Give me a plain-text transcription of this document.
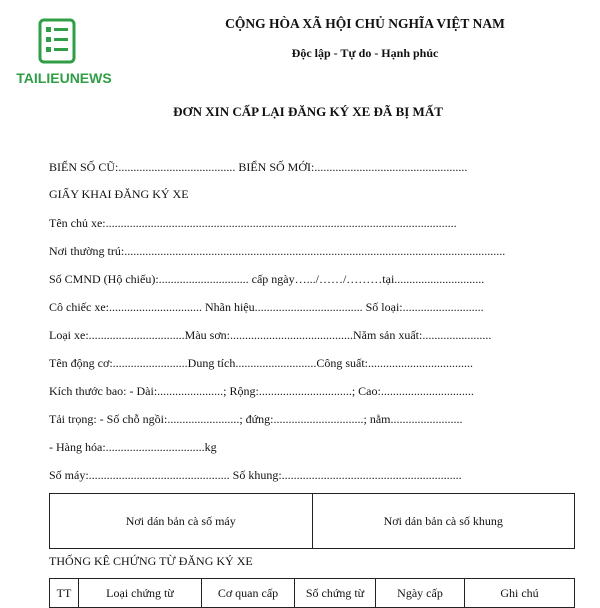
TAILIEUNEWS
CỘNG HÒA XÃ HỘI CHỦ NGHĨA VIỆT NAM
Độc lập - Tự do - Hạnh phúc
ĐƠN XIN CẤP LẠI ĐĂNG KÝ XE ĐÃ BỊ MẤT
BIỂN SỐ CŨ:....................................... BIỂN SỐ MỚI:...................................................
GIẤY KHAI ĐĂNG KÝ XE
Tên chủ xe:.....................................................................................................................
Nơi thường trú:...............................................................................................................................
Số CMND (Hộ chiếu):.............................. cấp ngày….../……/………tại..............................
Cô chiếc xe:............................... Nhãn hiệu.................................... Số loại:...........................
Loại xe:................................Màu sơn:.........................................Năm sản xuất:.......................
Tên động cơ:.........................Dung tích...........................Công suất:...................................
Kích thước bao: - Dài:......................; Rộng:...............................; Cao:...............................
Tải trọng: - Số chỗ ngồi:........................; đứng:..............................; nằm........................
- Hàng hóa:.................................kg
Số máy:............................................... Số khung:............................................................
Nơi dán bản cà số máy	Nơi dán bản cà số khung
THỐNG KÊ CHỨNG TỪ ĐĂNG KÝ XE
TT	Loại chứng từ	Cơ quan cấp	Số chứng từ	Ngày cấp	Ghi chú
